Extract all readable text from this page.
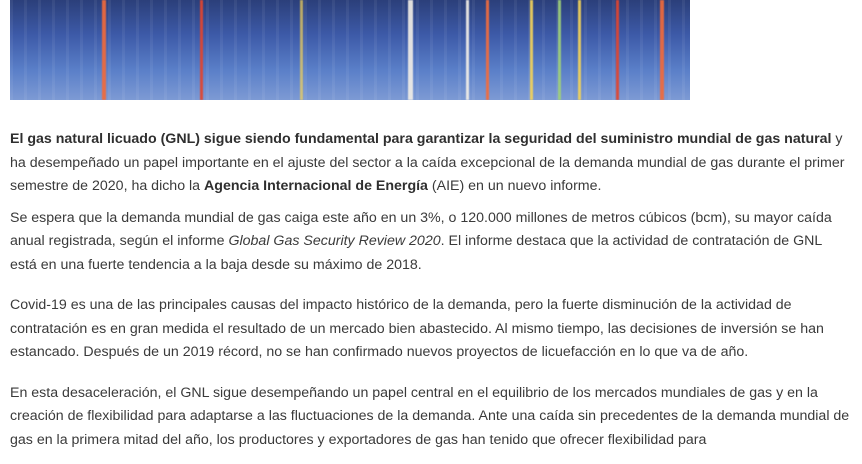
El gas natural licuado (GNL) sigue siendo fundamental para garantizar la seguridad del suministro mundial de gas natural y ha desempeñado un papel importante en el ajuste del sector a la caída excepcional de la demanda mundial de gas durante el primer semestre de 2020, ha dicho la Agencia Internacional de Energía (AIE) en un nuevo informe.

Se espera que la demanda mundial de gas caiga este año en un 3%, o 120.000 millones de metros cúbicos (bcm), su mayor caída anual registrada, según el informe Global Gas Security Review 2020. El informe destaca que la actividad de contratación de GNL está en una fuerte tendencia a la baja desde su máximo de 2018.

Covid-19 es una de las principales causas del impacto histórico de la demanda, pero la fuerte disminución de la actividad de contratación es en gran medida el resultado de un mercado bien abastecido. Al mismo tiempo, las decisiones de inversión se han estancado. Después de un 2019 récord, no se han confirmado nuevos proyectos de licuefacción en lo que va de año.

En esta desaceleración, el GNL sigue desempeñando un papel central en el equilibrio de los mercados mundiales de gas y en la creación de flexibilidad para adaptarse a las fluctuaciones de la demanda. Ante una caída sin precedentes de la demanda mundial de gas en la primera mitad del año, los productores y exportadores de gas han tenido que ofrecer flexibilidad para
